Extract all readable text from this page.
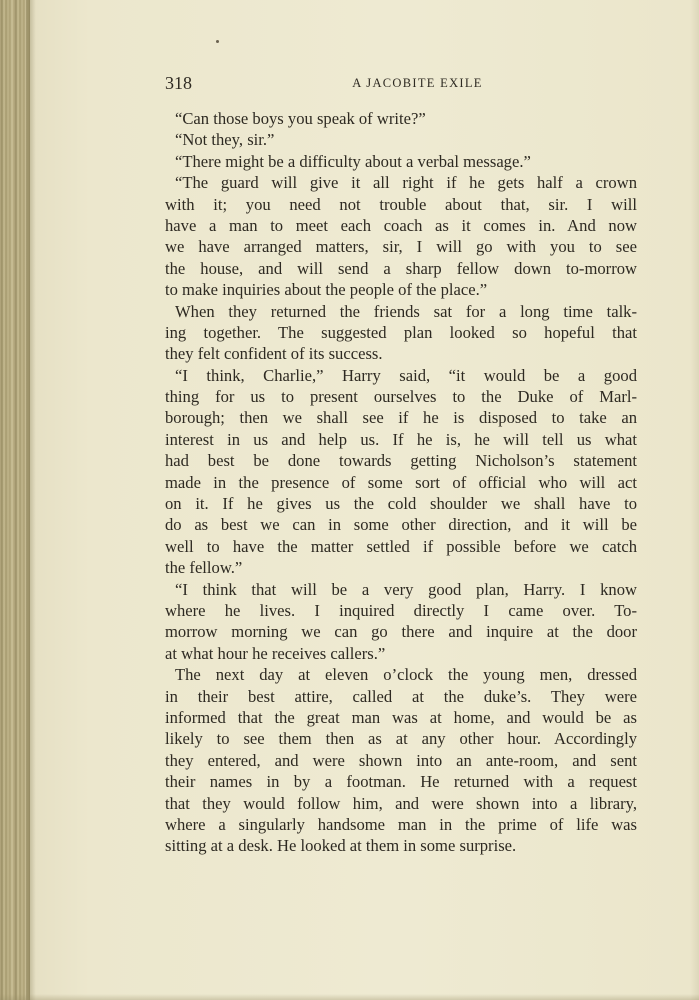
318	A JACOBITE EXILE
“Can those boys you speak of write?”
“Not they, sir.”
“There might be a difficulty about a verbal message.”
“The guard will give it all right if he gets half a crown
with it; you need not trouble about that, sir. I will
have a man to meet each coach as it comes in. And now
we have arranged matters, sir, I will go with you to see
the house, and will send a sharp fellow down to-morrow
to make inquiries about the people of the place.”
When they returned the friends sat for a long time talk-
ing together. The suggested plan looked so hopeful that
they felt confident of its success.
“I think, Charlie,” Harry said, “it would be a good
thing for us to present ourselves to the Duke of Marl-
borough; then we shall see if he is disposed to take an
interest in us and help us. If he is, he will tell us what
had best be done towards getting Nicholson’s statement
made in the presence of some sort of official who will act
on it. If he gives us the cold shoulder we shall have to
do as best we can in some other direction, and it will be
well to have the matter settled if possible before we catch
the fellow.”
“I think that will be a very good plan, Harry. I know
where he lives. I inquired directly I came over. To-
morrow morning we can go there and inquire at the door
at what hour he receives callers.”
The next day at eleven o’clock the young men, dressed
in their best attire, called at the duke’s. They were
informed that the great man was at home, and would be as
likely to see them then as at any other hour. Accordingly
they entered, and were shown into an ante-room, and sent
their names in by a footman. He returned with a request
that they would follow him, and were shown into a library,
where a singularly handsome man in the prime of life was
sitting at a desk. He looked at them in some surprise.
